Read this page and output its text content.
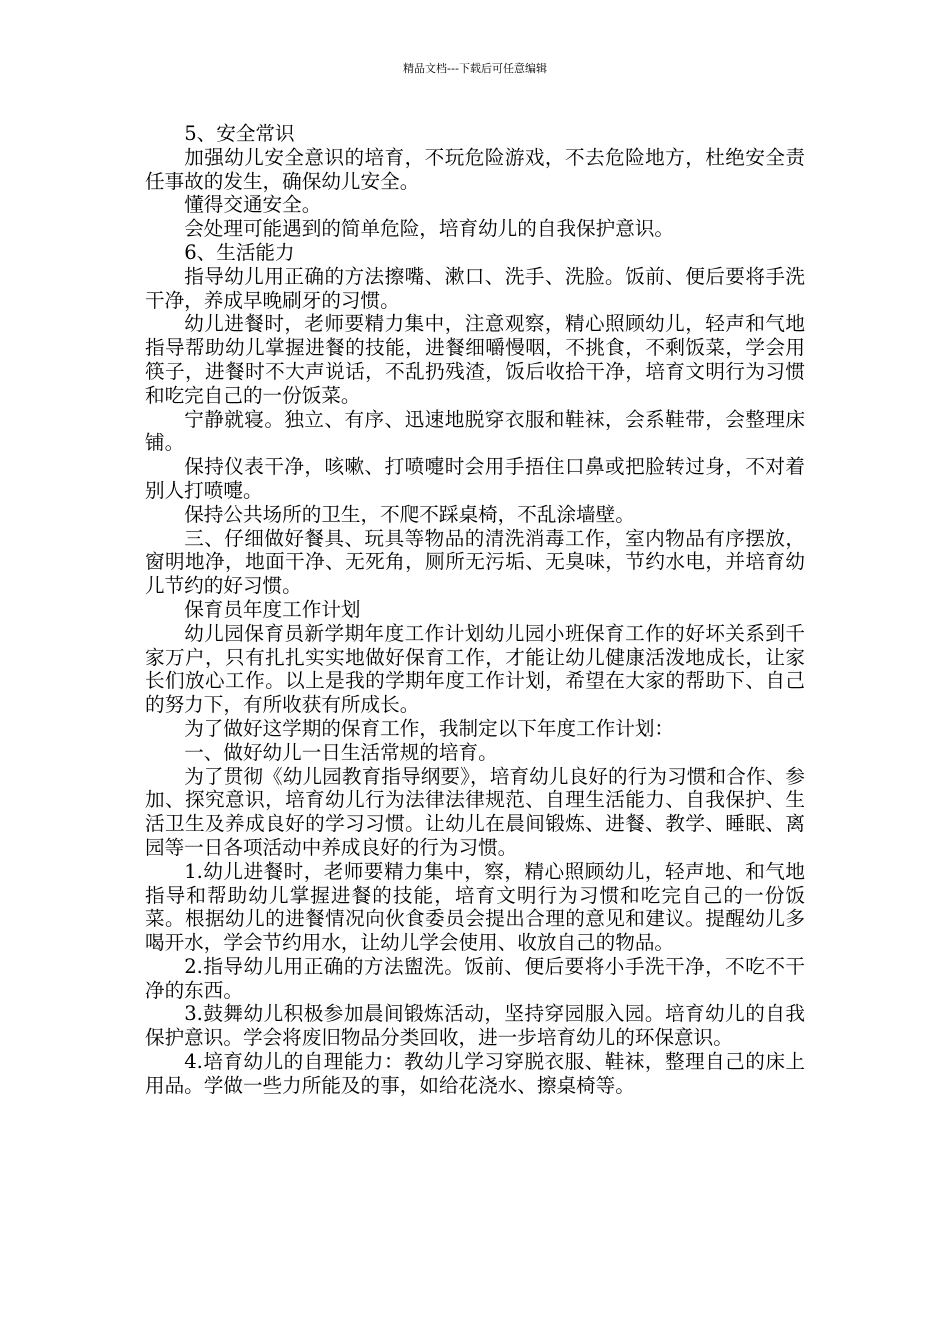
精品文档---下载后可任意编辑

5、安全常识

加强幼儿安全意识的培育，不玩危险游戏，不去危险地方，杜绝安全责任事故的发生，确保幼儿安全。

懂得交通安全。

会处理可能遇到的简单危险，培育幼儿的自我保护意识。

6、生活能力

指导幼儿用正确的方法擦嘴、漱口、洗手、洗脸。饭前、便后要将手洗干净，养成早晚刷牙的习惯。

幼儿进餐时，老师要精力集中，注意观察，精心照顾幼儿，轻声和气地指导帮助幼儿掌握进餐的技能，进餐细嚼慢咽，不挑食，不剩饭菜，学会用筷子，进餐时不大声说话，不乱扔残渣，饭后收拾干净，培育文明行为习惯和吃完自己的一份饭菜。

宁静就寝。独立、有序、迅速地脱穿衣服和鞋袜，会系鞋带，会整理床铺。

保持仪表干净，咳嗽、打喷嚏时会用手捂住口鼻或把脸转过身，不对着别人打喷嚏。

保持公共场所的卫生，不爬不踩桌椅，不乱涂墙壁。

三、仔细做好餐具、玩具等物品的清洗消毒工作，室内物品有序摆放，窗明地净，地面干净、无死角，厕所无污垢、无臭味，节约水电，并培育幼儿节约的好习惯。

保育员年度工作计划

幼儿园保育员新学期年度工作计划幼儿园小班保育工作的好坏关系到千家万户，只有扎扎实实地做好保育工作，才能让幼儿健康活泼地成长，让家长们放心工作。以上是我的学期年度工作计划，希望在大家的帮助下、自己的努力下，有所收获有所成长。

为了做好这学期的保育工作，我制定以下年度工作计划：

一、做好幼儿一日生活常规的培育。

为了贯彻《幼儿园教育指导纲要》，培育幼儿良好的行为习惯和合作、参加、探究意识，培育幼儿行为法律法律规范、自理生活能力、自我保护、生活卫生及养成良好的学习习惯。让幼儿在晨间锻炼、进餐、教学、睡眠、离园等一日各项活动中养成良好的行为习惯。

1.幼儿进餐时，老师要精力集中，察，精心照顾幼儿，轻声地、和气地指导和帮助幼儿掌握进餐的技能，培育文明行为习惯和吃完自己的一份饭菜。根据幼儿的进餐情况向伙食委员会提出合理的意见和建议。提醒幼儿多喝开水，学会节约用水，让幼儿学会使用、收放自己的物品。

2.指导幼儿用正确的方法盥洗。饭前、便后要将小手洗干净，不吃不干净的东西。

3.鼓舞幼儿积极参加晨间锻炼活动，坚持穿园服入园。培育幼儿的自我保护意识。学会将废旧物品分类回收，进一步培育幼儿的环保意识。

4.培育幼儿的自理能力：教幼儿学习穿脱衣服、鞋袜，整理自己的床上用品。学做一些力所能及的事，如给花浇水、擦桌椅等。
